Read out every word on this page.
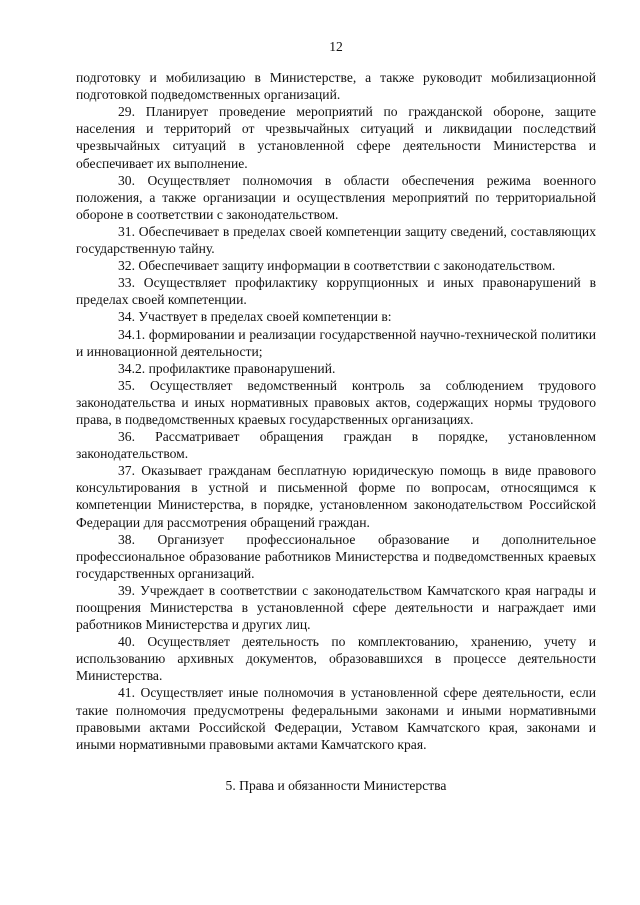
12

подготовку и мобилизацию в Министерстве, а также руководит мобилизационной подготовкой подведомственных организаций.

29. Планирует проведение мероприятий по гражданской обороне, защите населения и территорий от чрезвычайных ситуаций и ликвидации последствий чрезвычайных ситуаций в установленной сфере деятельности Министерства и обеспечивает их выполнение.

30. Осуществляет полномочия в области обеспечения режима военного положения, а также организации и осуществления мероприятий по территориальной обороне в соответствии с законодательством.

31. Обеспечивает в пределах своей компетенции защиту сведений, составляющих государственную тайну.

32. Обеспечивает защиту информации в соответствии с законодательством.

33. Осуществляет профилактику коррупционных и иных правонарушений в пределах своей компетенции.

34. Участвует в пределах своей компетенции в:

34.1. формировании и реализации государственной научно-технической политики и инновационной деятельности;

34.2. профилактике правонарушений.

35. Осуществляет ведомственный контроль за соблюдением трудового законодательства и иных нормативных правовых актов, содержащих нормы трудового права, в подведомственных краевых государственных организациях.

36. Рассматривает обращения граждан в порядке, установленном законодательством.

37. Оказывает гражданам бесплатную юридическую помощь в виде правового консультирования в устной и письменной форме по вопросам, относящимся к компетенции Министерства, в порядке, установленном законодательством Российской Федерации для рассмотрения обращений граждан.

38. Организует профессиональное образование и дополнительное профессиональное образование работников Министерства и подведомственных краевых государственных организаций.

39. Учреждает в соответствии с законодательством Камчатского края награды и поощрения Министерства в установленной сфере деятельности и награждает ими работников Министерства и других лиц.

40. Осуществляет деятельность по комплектованию, хранению, учету и использованию архивных документов, образовавшихся в процессе деятельности Министерства.

41. Осуществляет иные полномочия в установленной сфере деятельности, если такие полномочия предусмотрены федеральными законами и иными нормативными правовыми актами Российской Федерации, Уставом Камчатского края, законами и иными нормативными правовыми актами Камчатского края.

5. Права и обязанности Министерства
